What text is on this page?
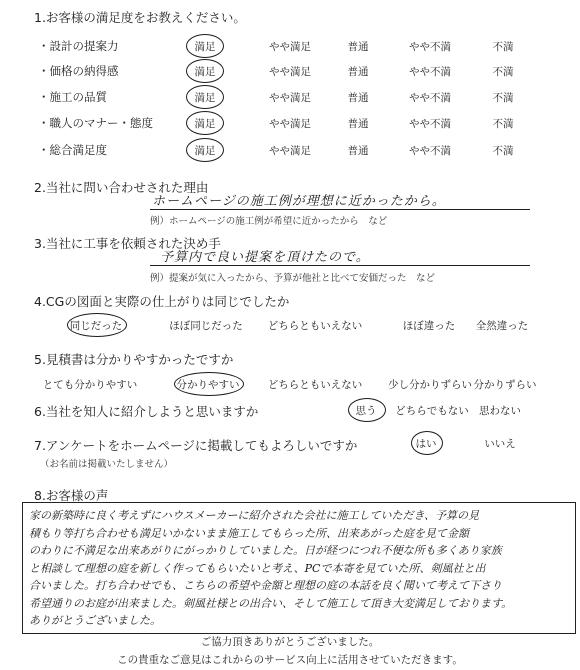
1.お客様の満足度をお教えください。
・設計の提案力	満足	やや満足	普通	やや不満	不満
・価格の納得感	満足	やや満足	普通	やや不満	不満
・施工の品質	満足	やや満足	普通	やや不満	不満
・職人のマナー・態度	満足	やや満足	普通	やや不満	不満
・総合満足度	満足	やや満足	普通	やや不満	不満
2.当社に問い合わせされた理由
ホームページの施工例が理想に近かったから。
例）ホームページの施工例が希望に近かったから　など
3.当社に工事を依頼された決め手
予算内で良い提案を頂けたので。
例）提案が気に入ったから、予算が他社と比べて安価だった　など
4.CGの図面と実際の仕上がりは同じでしたか
同じだった	ほぼ同じだった	どちらともいえない	ほぼ違った	全然違った
5.見積書は分かりやすかったですか
とても分かりやすい	分かりやすい	どちらともいえない	少し分かりずらい 分かりずらい
6.当社を知人に紹介しようと思いますか	思う	どちらでもない 思わない
7.アンケートをホームページに掲載してもよろしいですか
（お名前は掲載いたしません）
はい	いいえ
8.お客様の声
家の新築時に良く考えずにハウスメーカーに紹介された会社に施工していただき、予算の見
積もり等打ち合わせも満足いかないまま施工してもらった所、出来あがった庭を見て金額
のわりに不満足な出来あがりにがっかりしていました。日が経つにつれ不便な所も多くあり家族
と相談して理想の庭を新しく作ってもらいたいと考え、PCで本寄を見ていた所、剣風社と出
合いました。打ち合わせでも、こちらの希望や金額と理想の庭の本話を良く聞いて考えて下さり
希望通りのお庭が出来ました。剣風社様との出合い、そして施工して頂き大変満足しております。
ありがとうございました。
ご協力頂きありがとうございました。
この貴重なご意見はこれからのサービス向上に活用させていただきます。
